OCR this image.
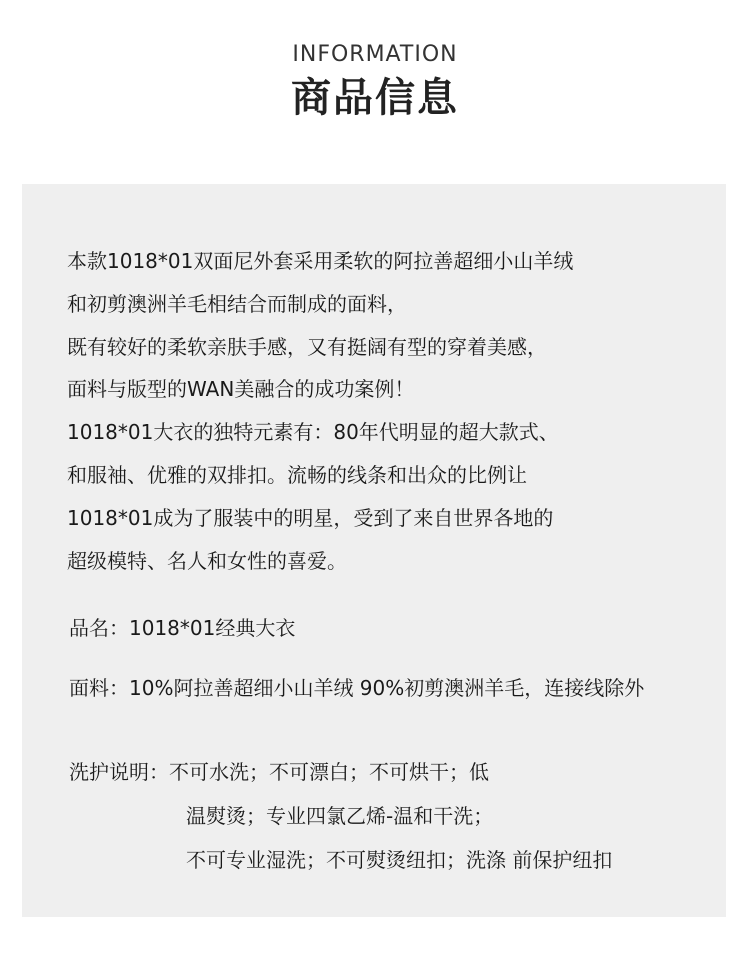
INFORMATION
商品信息
本款1018*01双面尼外套采用柔软的阿拉善超细小山羊绒
和初剪澳洲羊毛相结合而制成的面料，
既有较好的柔软亲肤手感，又有挺阔有型的穿着美感，
面料与版型的WAN美融合的成功案例！
1018*01大衣的独特元素有：80年代明显的超大款式、
和服袖、优雅的双排扣。流畅的线条和出众的比例让
1018*01成为了服装中的明星，受到了来自世界各地的
超级模特、名人和女性的喜爱。
品名：1018*01经典大衣
面料：10%阿拉善超细小山羊绒 90%初剪澳洲羊毛，连接线除外
洗护说明：不可水洗；不可漂白；不可烘干；低
温熨烫；专业四氯乙烯-温和干洗；
不可专业湿洗；不可熨烫纽扣；洗涤 前保护纽扣
